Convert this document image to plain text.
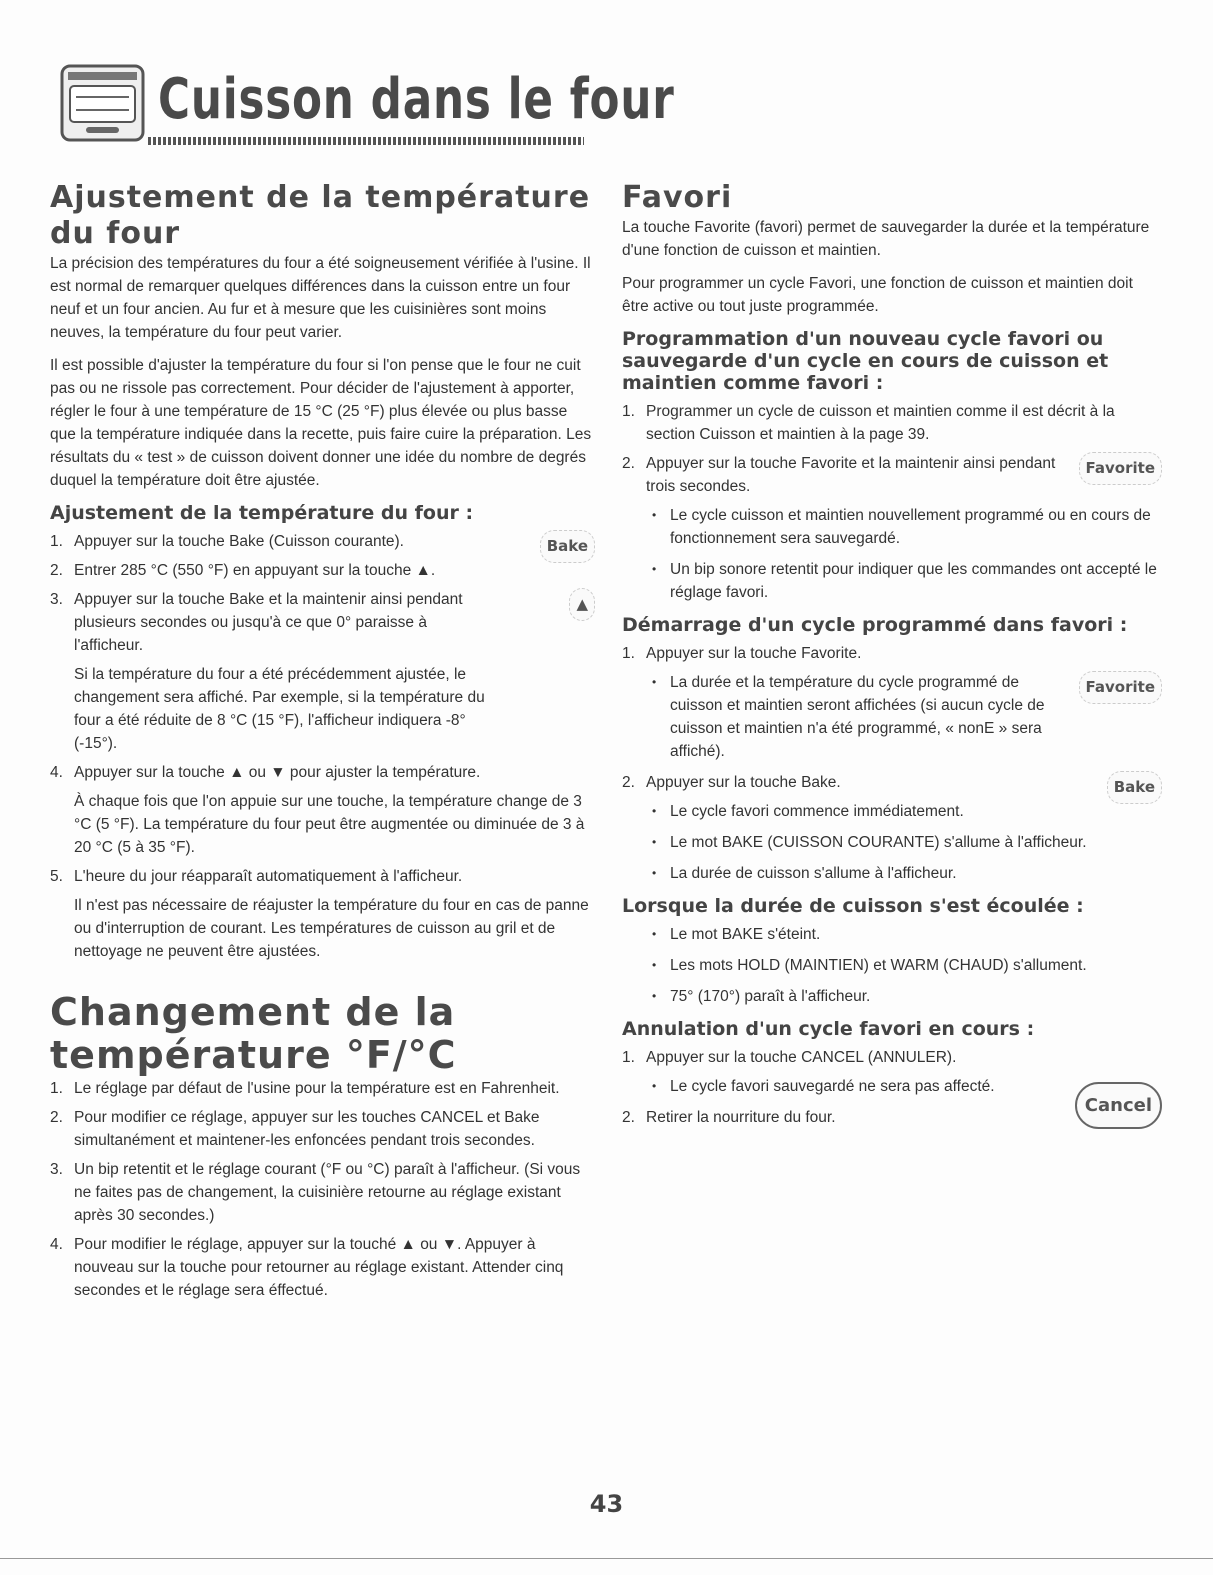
Cuisson dans le four
Ajustement de la température du four

La précision des températures du four a été soigneusement vérifiée à l'usine. Il est normal de remarquer quelques différences dans la cuisson entre un four neuf et un four ancien. Au fur et à mesure que les cuisinières sont moins neuves, la température du four peut varier.

Il est possible d'ajuster la température du four si l'on pense que le four ne cuit pas ou ne rissole pas correctement. Pour décider de l'ajustement à apporter, régler le four à une température de 15 °C (25 °F) plus élevée ou plus basse que la température indiquée dans la recette, puis faire cuire la préparation. Les résultats du « test » de cuisson doivent donner une idée du nombre de degrés duquel la température doit être ajustée.

Ajustement de la température du four :
1. Appuyer sur la touche Bake (Cuisson courante).	Bake
2. Entrer 285 °C (550 °F) en appuyant sur la touche ▲.
3. Appuyer sur la touche Bake et la maintenir ainsi pendant plusieurs secondes ou jusqu'à ce que 0° paraisse à l'afficheur.
▲

Si la température du four a été précédemment ajustée, le changement sera affiché. Par exemple, si la température du four a été réduite de 8 °C (15 °F), l'afficheur indiquera -8° (-15°).

4. Appuyer sur la touche ▲ ou ▼ pour ajuster la température.

À chaque fois que l'on appuie sur une touche, la température change de 3 °C (5 °F). La température du four peut être augmentée ou diminuée de 3 à 20 °C (5 à 35 °F).

5. L'heure du jour réapparaît automatiquement à l'afficheur.

Il n'est pas nécessaire de réajuster la température du four en cas de panne ou d'interruption de courant. Les températures de cuisson au gril et de nettoyage ne peuvent être ajustées.

Changement de la
température °F/°C
1. Le réglage par défaut de l'usine pour la température est en Fahrenheit.
2. Pour modifier ce réglage, appuyer sur les touches CANCEL et Bake simultanément et maintener-les enfoncées pendant trois secondes.
3. Un bip retentit et le réglage courant (°F ou °C) paraît à l'afficheur. (Si vous ne faites pas de changement, la cuisinière retourne au réglage existant après 30 secondes.)
4. Pour modifier le réglage, appuyer sur la touché ▲ ou ▼. Appuyer à nouveau sur la touche pour retourner au réglage existant. Attender cinq secondes et le réglage sera éffectué.
Favori

La touche Favorite (favori) permet de sauvegarder la durée et la température d'une fonction de cuisson et maintien.

Pour programmer un cycle Favori, une fonction de cuisson et maintien doit être active ou tout juste programmée.

Programmation d'un nouveau cycle favori ou sauvegarde d'un cycle en cours de cuisson et maintien comme favori :
1. Programmer un cycle de cuisson et maintien comme il est décrit à la section Cuisson et maintien à la page 39.
2. Appuyer sur la touche Favorite et la maintenir ainsi pendant trois secondes.
Favorite
• Le cycle cuisson et maintien nouvellement programmé ou en cours de fonctionnement sera sauvegardé.
• Un bip sonore retentit pour indiquer que les commandes ont accepté le réglage favori.
Démarrage d'un cycle programmé dans favori :
1. Appuyer sur la touche Favorite.
• La durée et la température du cycle programmé de cuisson et maintien seront affichées (si aucun cycle de cuisson et maintien n'a été programmé, « nonE » sera affiché).
Favorite
2. Appuyer sur la touche Bake.	Bake
• Le cycle favori commence immédiatement.
• Le mot BAKE (CUISSON COURANTE) s'allume à l'afficheur.
• La durée de cuisson s'allume à l'afficheur.
Lorsque la durée de cuisson s'est écoulée :
• Le mot BAKE s'éteint.
• Les mots HOLD (MAINTIEN) et WARM (CHAUD) s'allument.
• 75° (170°) paraît à l'afficheur.
Annulation d'un cycle favori en cours :
1. Appuyer sur la touche CANCEL (ANNULER).
Cancel
• Le cycle favori sauvegardé ne sera pas affecté.
2. Retirer la nourriture du four.
43
